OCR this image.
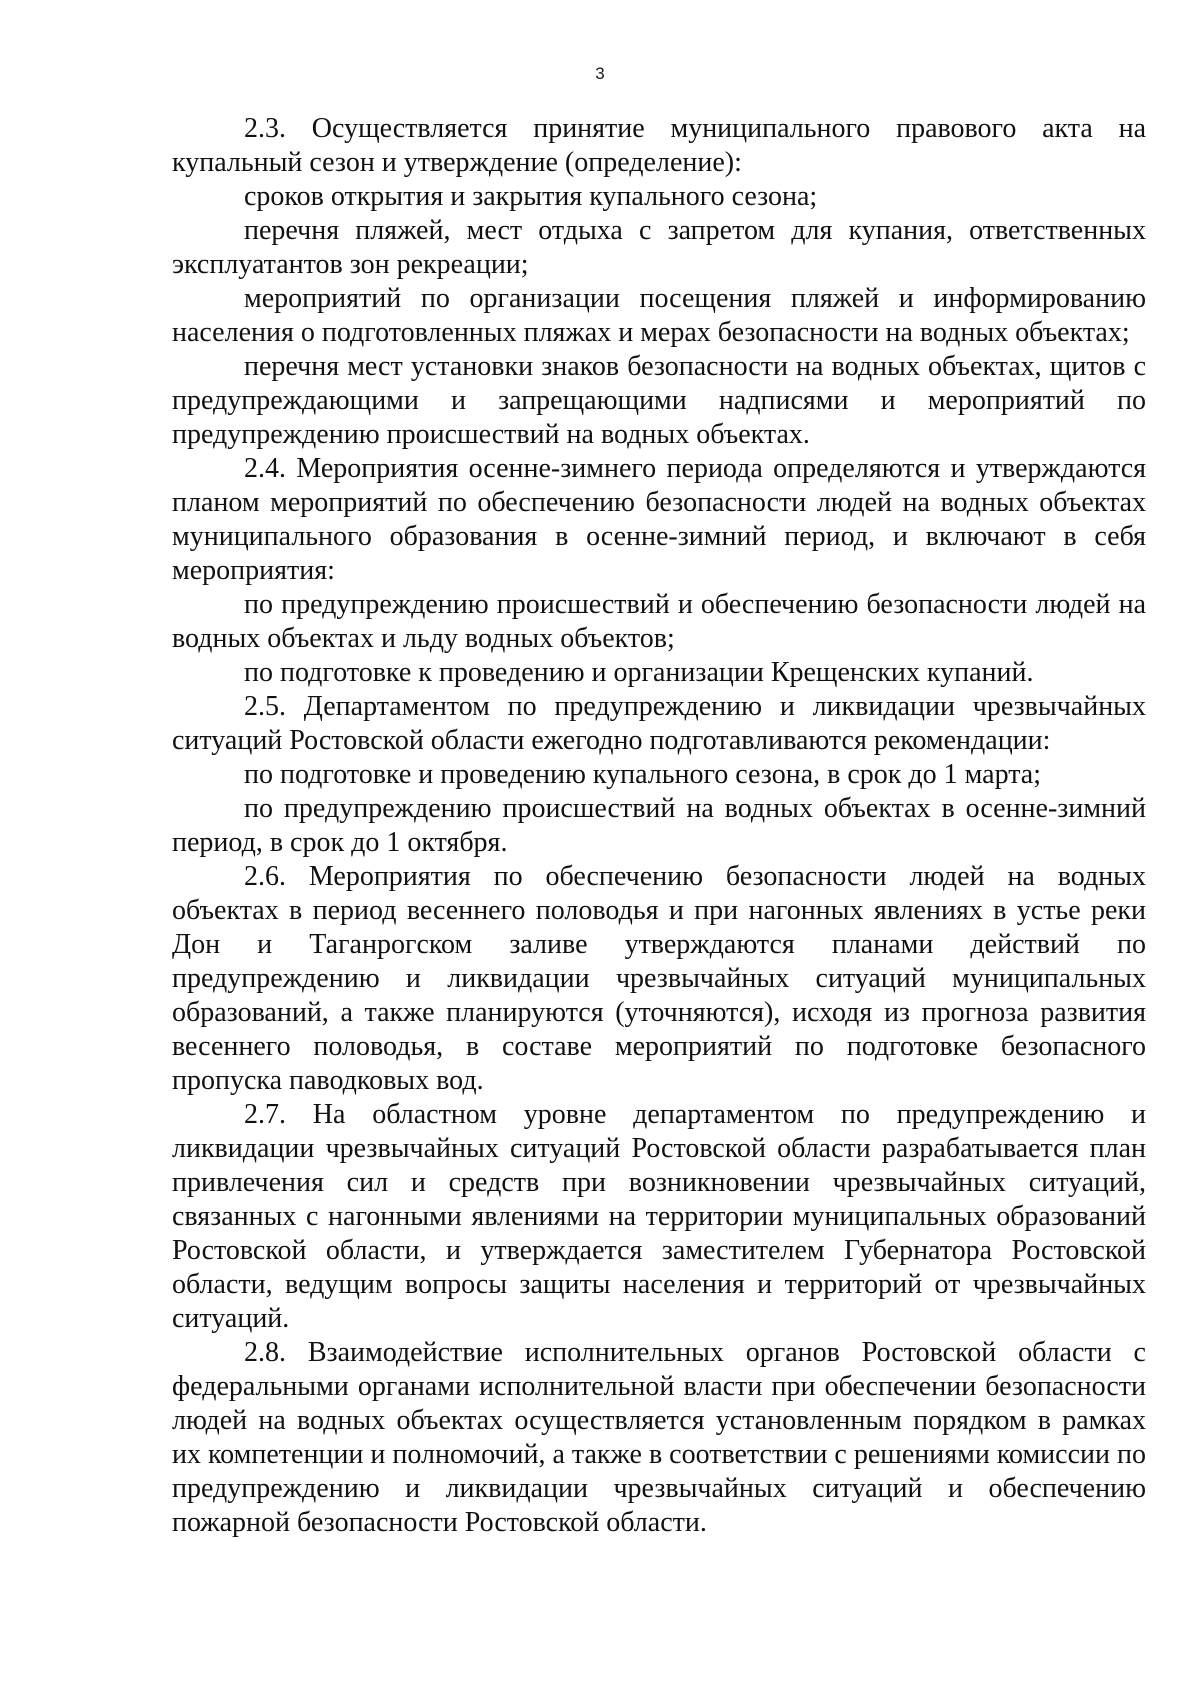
3

2.3. Осуществляется принятие муниципального правового акта на купальный сезон и утверждение (определение):

сроков открытия и закрытия купального сезона;

перечня пляжей, мест отдыха с запретом для купания, ответственных эксплуатантов зон рекреации;

мероприятий по организации посещения пляжей и информированию населения о подготовленных пляжах и мерах безопасности на водных объектах;

перечня мест установки знаков безопасности на водных объектах, щитов с предупреждающими и запрещающими надписями и мероприятий по предупреждению происшествий на водных объектах.

2.4. Мероприятия осенне-зимнего периода определяются и утверждаются планом мероприятий по обеспечению безопасности людей на водных объектах муниципального образования в осенне-зимний период, и включают в себя мероприятия:

по предупреждению происшествий и обеспечению безопасности людей на водных объектах и льду водных объектов;

по подготовке к проведению и организации Крещенских купаний.

2.5. Департаментом по предупреждению и ликвидации чрезвычайных ситуаций Ростовской области ежегодно подготавливаются рекомендации:

по подготовке и проведению купального сезона, в срок до 1 марта;

по предупреждению происшествий на водных объектах в осенне-зимний период, в срок до 1 октября.

2.6. Мероприятия по обеспечению безопасности людей на водных объектах в период весеннего половодья и при нагонных явлениях в устье реки Дон и Таганрогском заливе утверждаются планами действий по предупреждению и ликвидации чрезвычайных ситуаций муниципальных образований, а также планируются (уточняются), исходя из прогноза развития весеннего половодья, в составе мероприятий по подготовке безопасного пропуска паводковых вод.

2.7. На областном уровне департаментом по предупреждению и ликвидации чрезвычайных ситуаций Ростовской области разрабатывается план привлечения сил и средств при возникновении чрезвычайных ситуаций, связанных с нагонными явлениями на территории муниципальных образований Ростовской области, и утверждается заместителем Губернатора Ростовской области, ведущим вопросы защиты населения и территорий от чрезвычайных ситуаций.

2.8. Взаимодействие исполнительных органов Ростовской области с федеральными органами исполнительной власти при обеспечении безопасности людей на водных объектах осуществляется установленным порядком в рамках их компетенции и полномочий, а также в соответствии с решениями комиссии по предупреждению и ликвидации чрезвычайных ситуаций и обеспечению пожарной безопасности Ростовской области.
